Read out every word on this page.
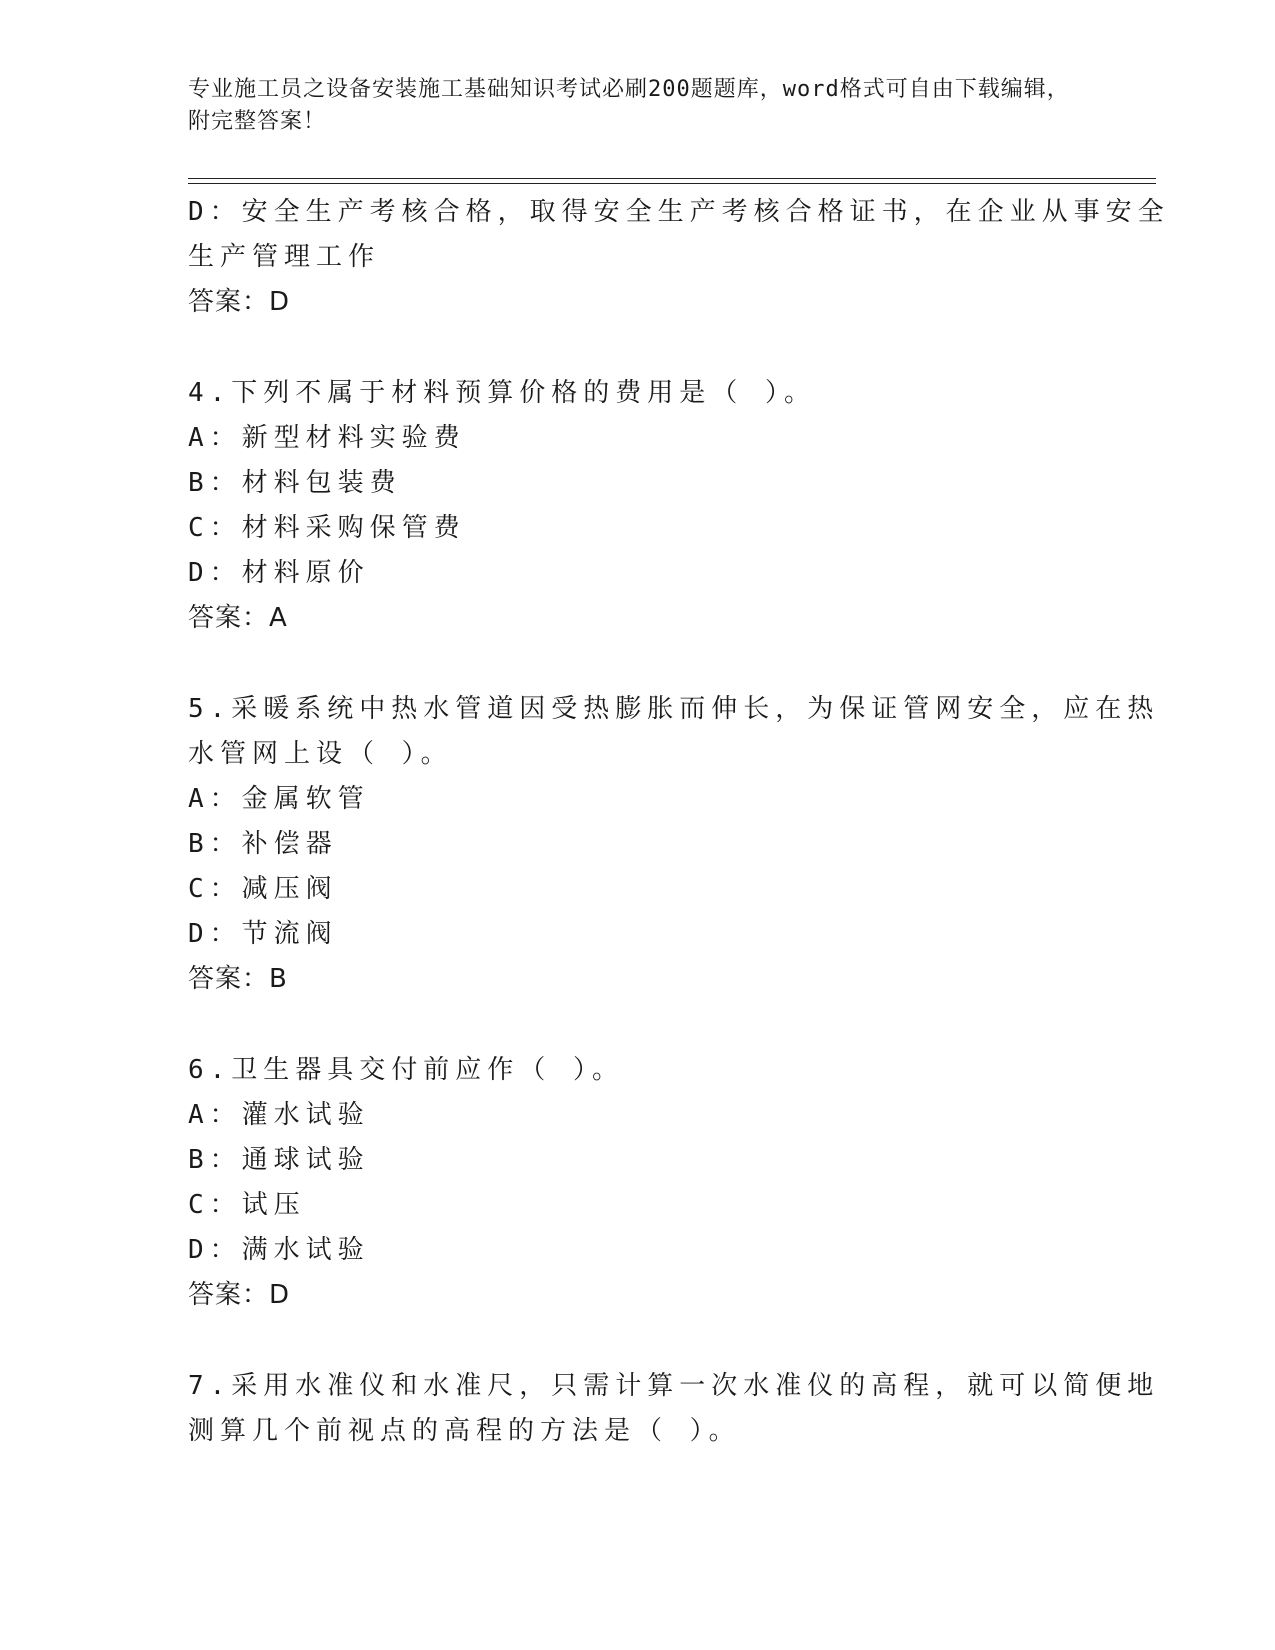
专业施工员之设备安装施工基础知识考试必刷200题题库，word格式可自由下载编辑，附完整答案！
D：安全生产考核合格，取得安全生产考核合格证书，在企业从事安全
生产管理工作
答案：D
4.下列不属于材料预算价格的费用是（ ）。
A：新型材料实验费
B：材料包装费
C：材料采购保管费
D：材料原价
答案：A
5.采暖系统中热水管道因受热膨胀而伸长，为保证管网安全，应在热
水管网上设（ ）。
A：金属软管
B：补偿器
C：减压阀
D：节流阀
答案：B
6.卫生器具交付前应作（ ）。
A：灌水试验
B：通球试验
C：试压
D：满水试验
答案：D
7.采用水准仪和水准尺，只需计算一次水准仪的高程，就可以简便地
测算几个前视点的高程的方法是（ ）。
